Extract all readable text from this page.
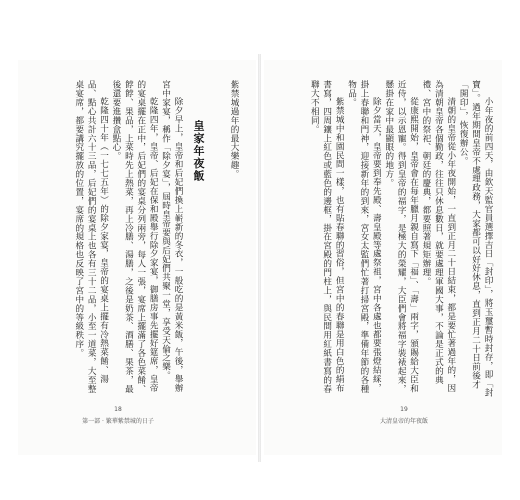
除夕早上，皇帝和后妃們換上嶄新的冬衣，一般吃的是黃米飯，午後，舉辦宮中家宴，稱作「除夕宴」，屆時皇帝要與后妃們共聚一堂，享受天倫之樂。

乾隆四年，皇帝、后妃在保和殿舉行除夕家宴，御膳房事先擺好筵席，皇帝的宴桌擺在正中，后妃們的宴桌分列兩旁，每人一張，宴席上擺滿了各色菜餚、餑餑、果品，上菜時先上熱菜，再上冷膳、湯膳，之後是奶茶、酒膳、果茶，最後還要進攢盒點心。

乾隆四十年（一七七五年）的除夕家宴，皇帝的宴桌上擺有冷熱菜餚、湯品、點心共計六十三品，后妃們的宴桌上也各有三十二品，小至一道菜，大至整桌宴席，都要講究擺放的位置，宴席的規格也反映了宮中的等級秩序。	皇家年夜飯	紫禁城過年的最大樂趣。
18
第一部 · 繁華紫禁城的日子

小年夜的前四天，由欽天監官員選擇吉日「封印」，將玉璽暫時封存，即「封寶」。過年期間皇帝不處理政務，大家都可以好好休息，直到正月二十日前後才「開印」，恢復辦公。

清朝的皇帝從小年夜開始，一直到正月二十日結束，都是要忙著過年的，因為清朝皇帝各個勤政，往往只休息數日，就要處理軍國大事，不論是正式的典禮、宮中的祭祀、朝廷的慶典，都要照著規矩辦理。

從康熙開始，皇帝會在每年臘月親自寫下「福」、「壽」兩字，頒賜給大臣和近侍，以示恩寵。得到皇帝的福字，是極大的榮耀，大臣們會將福字裝裱起來，懸掛在家中最顯眼的地方。

除夕當天，皇帝要到奉先殿、壽皇殿等處祭祖，宮中各處也都要張燈結綵，掛上春聯和門神，迎接新年的到來，宮女太監們忙著打掃宮殿，準備年節的各種物品。

紫禁城中和園民間一樣，也有貼春聯的習俗，但宮中的春聯是用白色的絹布書寫，四周鑲上紅色或藍色的邊框，掛在宮殿的門柱上，與民間用紅紙書寫的春聯大不相同。

19
大清皇帝的年夜飯
